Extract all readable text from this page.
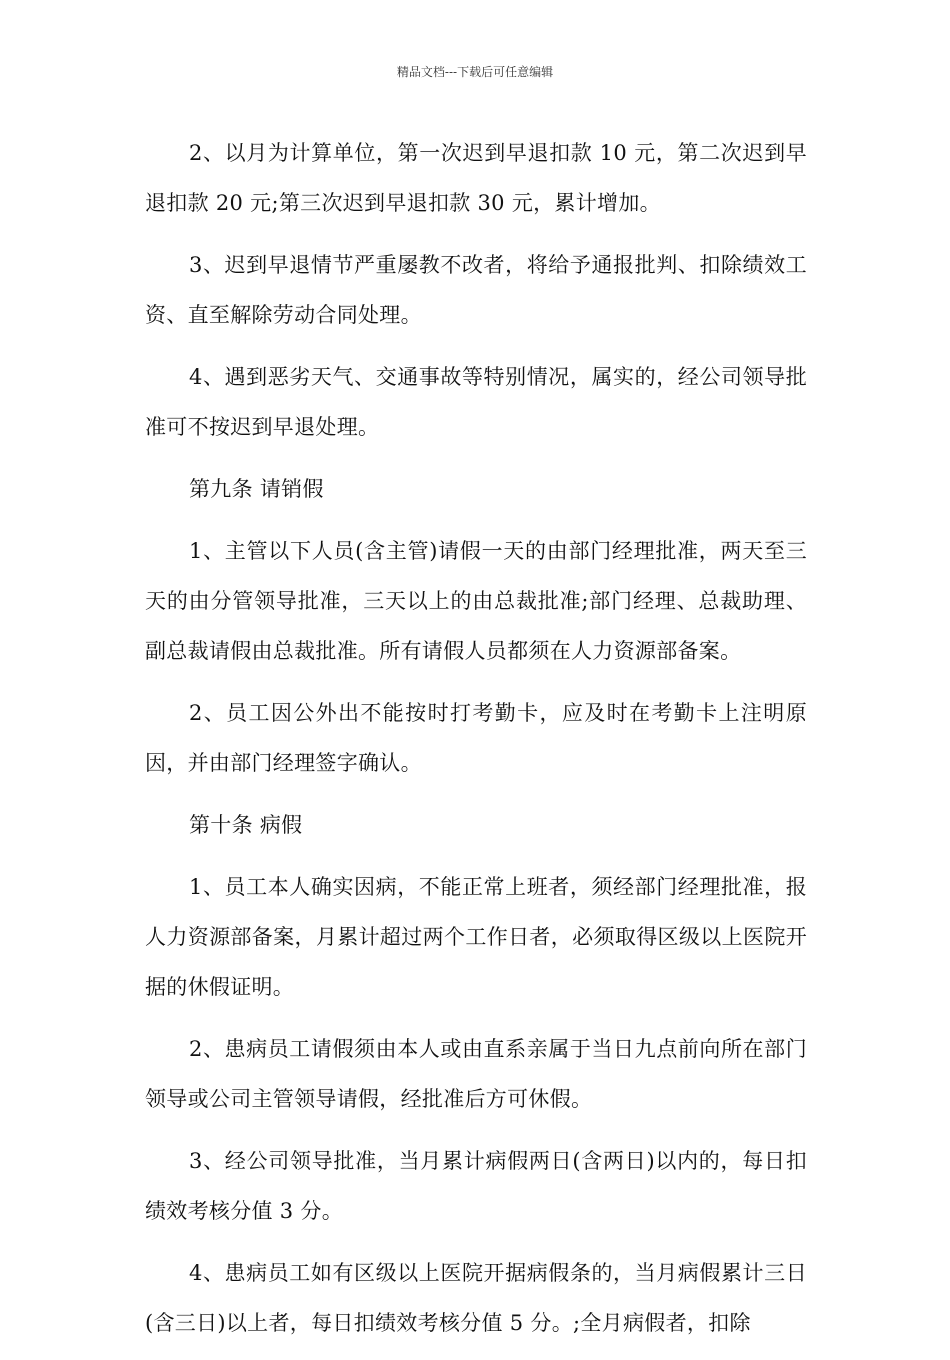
精品文档---下载后可任意编辑

2、以月为计算单位，第一次迟到早退扣款 10 元，第二次迟到早退扣款 20 元;第三次迟到早退扣款 30 元，累计增加。

3、迟到早退情节严重屡教不改者，将给予通报批判、扣除绩效工资、直至解除劳动合同处理。

4、遇到恶劣天气、交通事故等特别情况，属实的，经公司领导批准可不按迟到早退处理。

第九条 请销假

1、主管以下人员(含主管)请假一天的由部门经理批准，两天至三天的由分管领导批准，三天以上的由总裁批准;部门经理、总裁助理、副总裁请假由总裁批准。所有请假人员都须在人力资源部备案。

2、员工因公外出不能按时打考勤卡，应及时在考勤卡上注明原因，并由部门经理签字确认。

第十条 病假

1、员工本人确实因病，不能正常上班者，须经部门经理批准，报人力资源部备案，月累计超过两个工作日者，必须取得区级以上医院开据的休假证明。

2、患病员工请假须由本人或由直系亲属于当日九点前向所在部门领导或公司主管领导请假，经批准后方可休假。

3、经公司领导批准，当月累计病假两日(含两日)以内的，每日扣绩效考核分值 3 分。

4、患病员工如有区级以上医院开据病假条的，当月病假累计三日(含三日)以上者，每日扣绩效考核分值 5 分。;全月病假者，扣除
